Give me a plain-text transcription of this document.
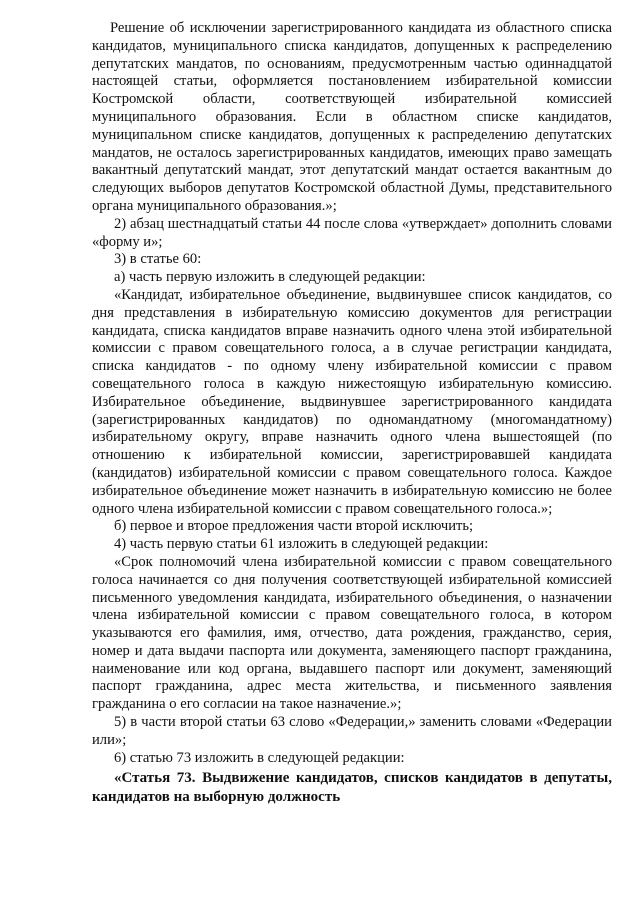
Решение об исключении зарегистрированного кандидата из областного списка кандидатов, муниципального списка кандидатов, допущенных к распределению депутатских мандатов, по основаниям, предусмотренным частью одиннадцатой настоящей статьи, оформляется постановлением избирательной комиссии Костромской области, соответствующей избирательной комиссией муниципального образования. Если в областном списке кандидатов, муниципальном списке кандидатов, допущенных к распределению депутатских мандатов, не осталось зарегистрированных кандидатов, имеющих право замещать вакантный депутатский мандат, этот депутатский мандат остается вакантным до следующих выборов депутатов Костромской областной Думы, представительного органа муниципального образования.»;

2) абзац шестнадцатый статьи 44 после слова «утверждает» дополнить словами «форму и»;

3) в статье 60:

а) часть первую изложить в следующей редакции:

«Кандидат, избирательное объединение, выдвинувшее список кандидатов, со дня представления в избирательную комиссию документов для регистрации кандидата, списка кандидатов вправе назначить одного члена этой избирательной комиссии с правом совещательного голоса, а в случае регистрации кандидата, списка кандидатов - по одному члену избирательной комиссии с правом совещательного голоса в каждую нижестоящую избирательную комиссию. Избирательное объединение, выдвинувшее зарегистрированного кандидата (зарегистрированных кандидатов) по одномандатному (многомандатному) избирательному округу, вправе назначить одного члена вышестоящей (по отношению к избирательной комиссии, зарегистрировавшей кандидата (кандидатов) избирательной комиссии с правом совещательного голоса. Каждое избирательное объединение может назначить в избирательную комиссию не более одного члена избирательной комиссии с правом совещательного голоса.»;

б) первое и второе предложения части второй исключить;

4) часть первую статьи 61 изложить в следующей редакции:

«Срок полномочий члена избирательной комиссии с правом совещательного голоса начинается со дня получения соответствующей избирательной комиссией письменного уведомления кандидата, избирательного объединения, о назначении члена избирательной комиссии с правом совещательного голоса, в котором указываются его фамилия, имя, отчество, дата рождения, гражданство, серия, номер и дата выдачи паспорта или документа, заменяющего паспорт гражданина, наименование или код органа, выдавшего паспорт или документ, заменяющий паспорт гражданина, адрес места жительства, и письменного заявления гражданина о его согласии на такое назначение.»;

5) в части второй статьи 63 слово «Федерации,» заменить словами «Федерации или»;

6) статью 73 изложить в следующей редакции:

«Статья 73. Выдвижение кандидатов, списков кандидатов в депутаты, кандидатов на выборную должность
